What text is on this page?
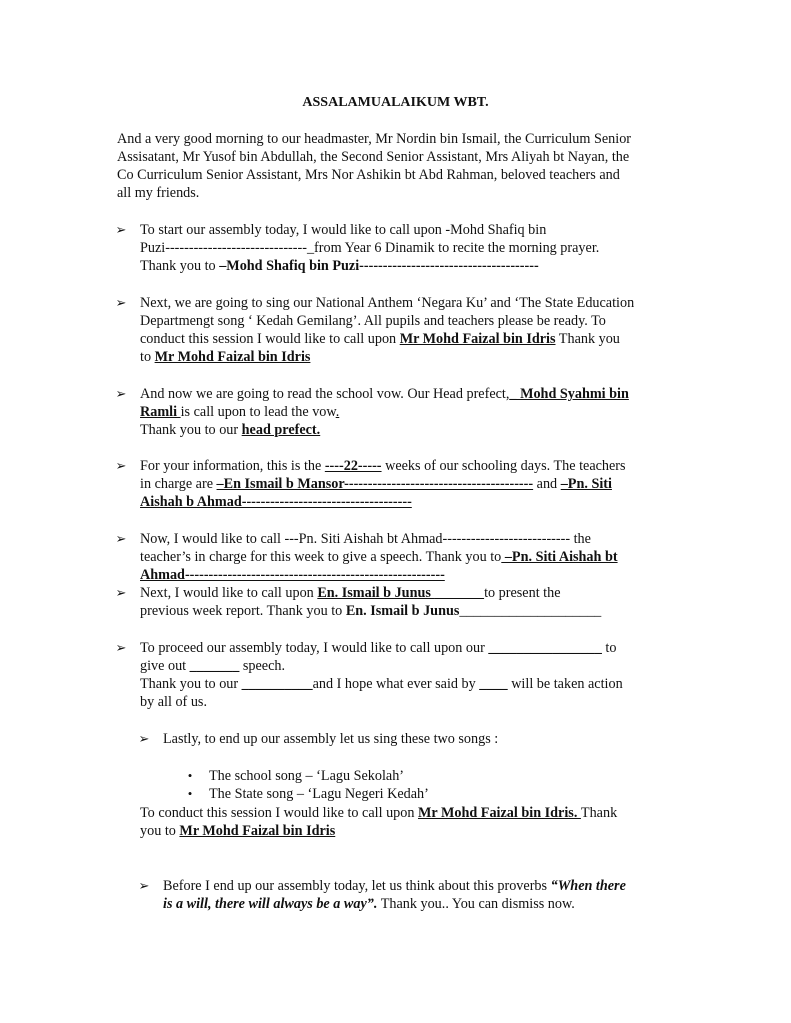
ASSALAMUALAIKUM WBT.
And a very good morning to our headmaster, Mr Nordin bin Ismail, the Curriculum Senior
Assisatant, Mr Yusof bin Abdullah, the Second Senior Assistant, Mrs Aliyah bt Nayan, the
Co Curriculum Senior Assistant, Mrs Nor Ashikin bt Abd Rahman, beloved teachers and
all my friends.
➢ To start our assembly today, I would like to call upon -Mohd Shafiq bin
Puzi------------------------------_from Year 6 Dinamik to recite the morning prayer.
Thank you to –Mohd Shafiq bin Puzi--------------------------------------
➢ Next, we are going to sing our National Anthem ‘Negara Ku’ and ‘The State Education
Departmengt song ‘ Kedah Gemilang’. All pupils and teachers please be ready. To
conduct this session I would like to call upon Mr Mohd Faizal bin Idris Thank you
to Mr Mohd Faizal bin Idris
➢ And now we are going to read the school vow. Our Head prefect,_ Mohd Syahmi bin
Ramli is call upon to lead the vow.
Thank you to our head prefect.
➢ For your information, this is the ----22----- weeks of our schooling days. The teachers
in charge are –En Ismail b Mansor---------------------------------------- and –Pn. Siti
Aishah b Ahmad------------------------------------
➢ Now, I would like to call ---Pn. Siti Aishah bt Ahmad--------------------------- the
teacher’s in charge for this week to give a speech. Thank you to –Pn. Siti Aishah bt
Ahmad-------------------------------------------------------
➢ Next, I would like to call upon En. Ismail b Junus	to present the
previous week report. Thank you to En. Ismail b Junus____________________
➢ To proceed our assembly today, I would like to call upon our ________________ to
give out _______ speech.
Thank you to our __________and I hope what ever said by ____ will be taken action
by all of us.
➢ Lastly, to end up our assembly let us sing these two songs :
• The school song – ‘Lagu Sekolah’
• The State song – ‘Lagu Negeri Kedah’
To conduct this session I would like to call upon Mr Mohd Faizal bin Idris. Thank
you to Mr Mohd Faizal bin Idris
➢ Before I end up our assembly today, let us think about this proverbs “When there
is a will, there will always be a way”. Thank you.. You can dismiss now.
